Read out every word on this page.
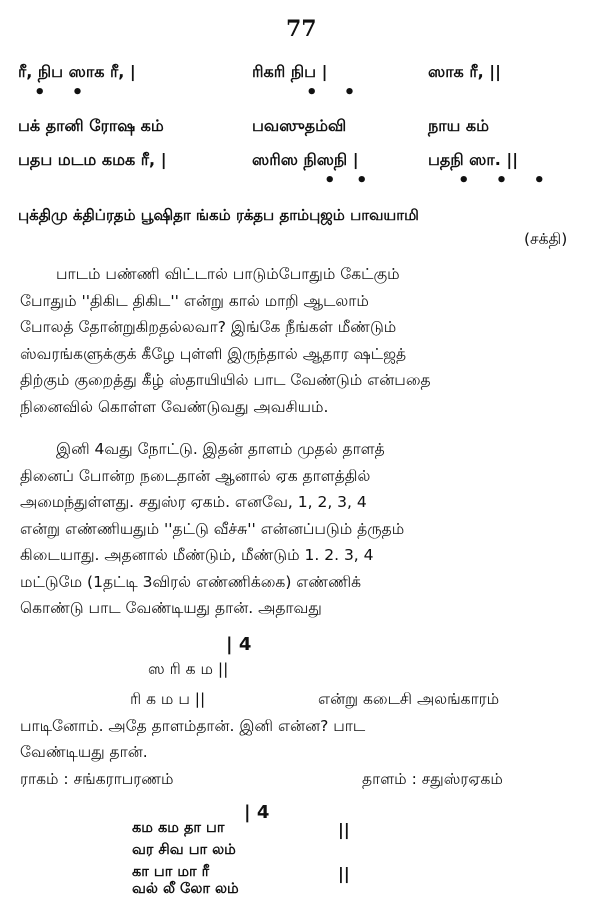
77
ரீ, நிப ஸாக ரீ, |	ரிகரி நிப |	ஸாக ரீ, ||
• •	• •
பக் தானி ரோஷ கம்	பவஸுதம்வி	நாய கம்
பதப மடம கமக ரீ, |	ஸரிஸ நிஸநி |	பதநி ஸா. ||
• •	• • •
புக்திமு க்திப்ரதம் பூஷிதா ங்கம் ரக்தப தாம்புஜம் பாவயாமி
(சக்தி)
பாடம் பண்ணி விட்டால் பாடும்போதும் கேட்கும்
போதும் ''திகிட திகிட'' என்று கால் மாறி ஆடலாம்
போலத் தோன்றுகிறதல்லவா? இங்கே நீங்கள் மீண்டும்
ஸ்வரங்களுக்குக் கீழே புள்ளி இருந்தால் ஆதார ஷட்ஜத்
திற்கும் குறைத்து கீழ் ஸ்தாயியில் பாட வேண்டும் என்பதை
நினைவில் கொள்ள வேண்டுவது அவசியம்.
இனி 4வது நோட்டு. இதன் தாளம் முதல் தாளத்
தினைப் போன்ற நடைதான் ஆனால் ஏக தாளத்தில்
அமைந்துள்ளது. சதுஸ்ர ஏகம். எனவே, 1, 2, 3, 4
என்று எண்ணியதும் ''தட்டு வீச்சு'' என்னப்படும் த்ருதம்
கிடையாது. அதனால் மீண்டும், மீண்டும் 1. 2. 3, 4
மட்டுமே (1தட்டி 3விரல் எண்ணிக்கை) எண்ணிக்
கொண்டு பாட வேண்டியது தான். அதாவது
| 4
ஸ ரி க ம ||
ரி க ம ப ||	என்று கடைசி அலங்காரம்
பாடினோம். அதே தாளம்தான். இனி என்ன? பாட
வேண்டியது தான்.
ராகம் : சங்கராபரணம்	தாளம் : சதுஸ்ரஏகம்
| 4
கம கம தா பா	||
வர சிவ பா லம்
கா பா மா ரீ	||
வல் லீ லோ லம்
